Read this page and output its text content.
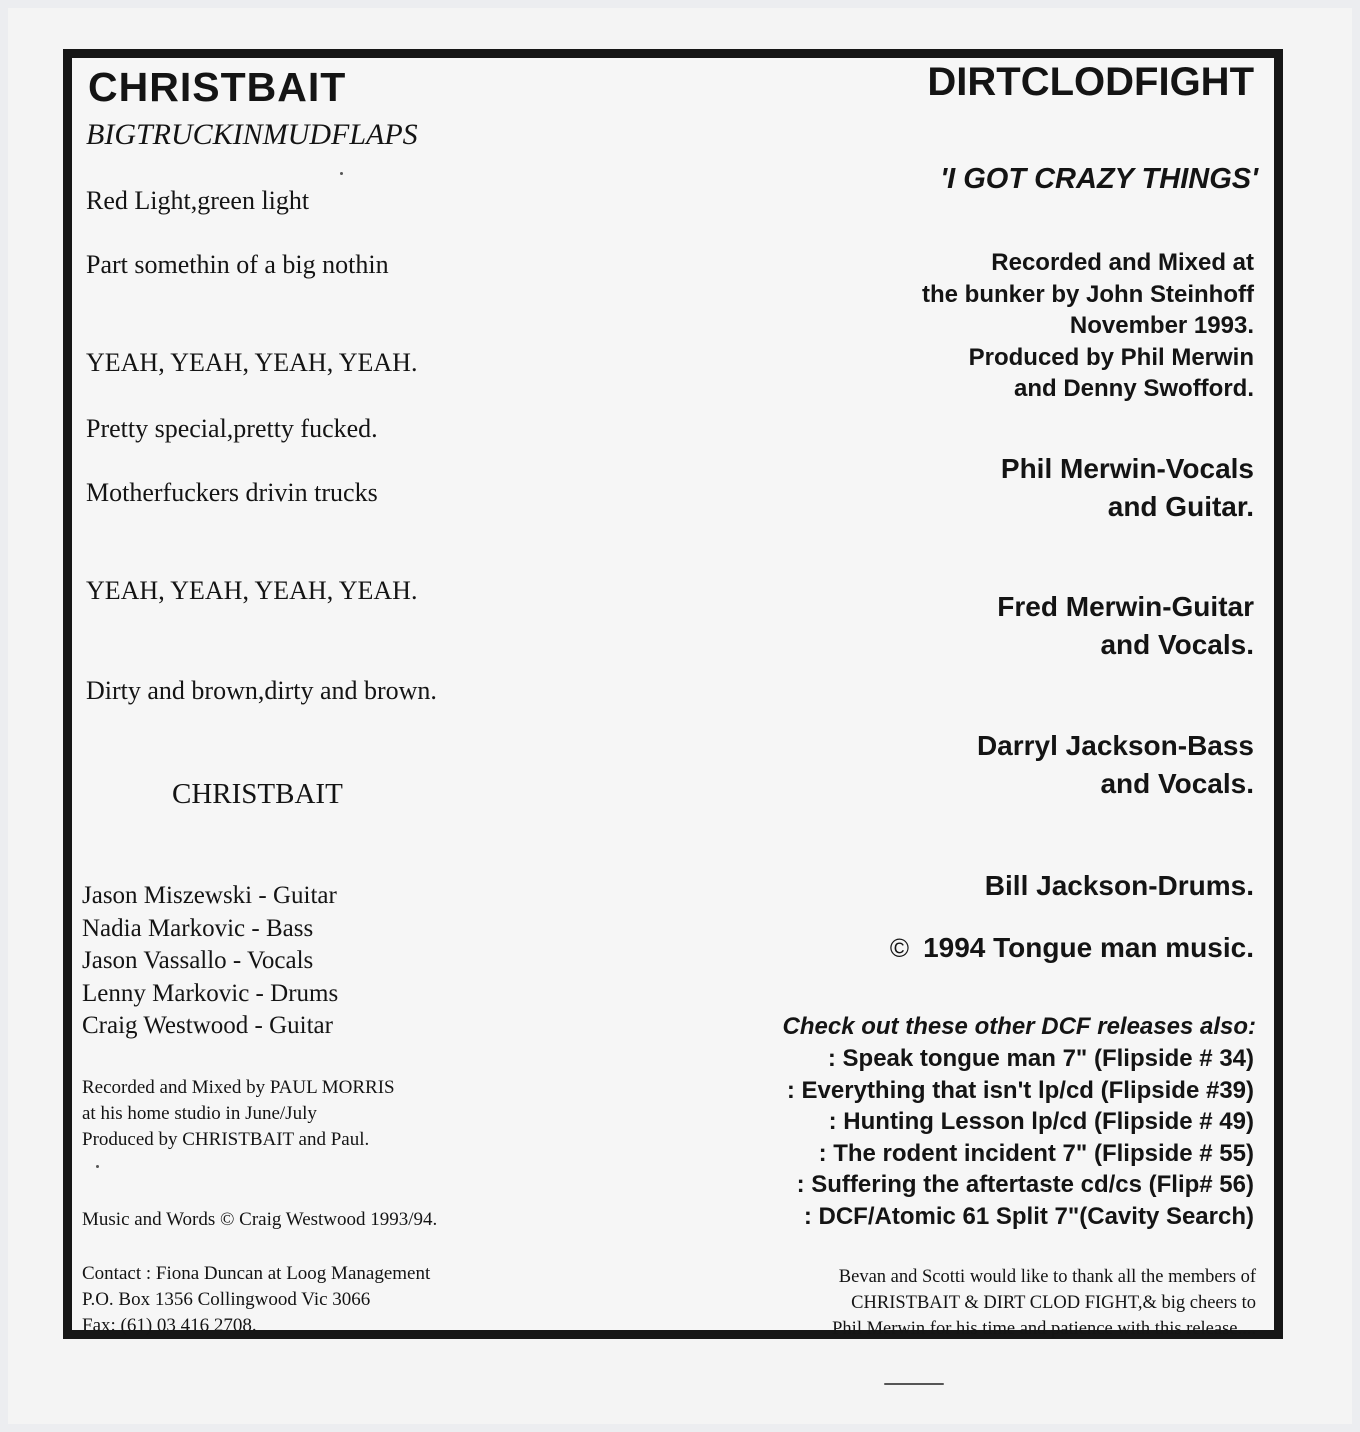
CHRISTBAIT
BIGTRUCKINMUDFLAPS
Red Light,green light
Part somethin of a big nothin
YEAH, YEAH, YEAH, YEAH.
Pretty special,pretty fucked.
Motherfuckers drivin trucks
YEAH, YEAH, YEAH, YEAH.
Dirty and brown,dirty and brown.
CHRISTBAIT
Jason Miszewski - Guitar
Nadia Markovic - Bass
Jason Vassallo - Vocals
Lenny Markovic - Drums
Craig Westwood - Guitar
Recorded and Mixed by PAUL MORRIS
at his home studio in June/July
Produced by CHRISTBAIT and Paul.
Music and Words © Craig Westwood 1993/94.
Contact : Fiona Duncan at Loog Management
P.O. Box 1356 Collingwood Vic 3066
Fax: (61) 03 416 2708.
DIRTCLODFIGHT
'I GOT CRAZY THINGS'
Recorded and Mixed at
the bunker by John Steinhoff
November 1993.
Produced by Phil Merwin
and Denny Swofford.
Phil Merwin-Vocals
and Guitar.
Fred Merwin-Guitar
and Vocals.
Darryl Jackson-Bass
and Vocals.
Bill Jackson-Drums.
© 1994 Tongue man music.
Check out these other DCF releases also:
: Speak tongue man 7" (Flipside # 34)
: Everything that isn't lp/cd (Flipside #39)
: Hunting Lesson lp/cd (Flipside # 49)
: The rodent incident 7" (Flipside # 55)
: Suffering the aftertaste cd/cs (Flip# 56)
: DCF/Atomic 61 Split 7"(Cavity Search)
Bevan and Scotti would like to thank all the members of
CHRISTBAIT & DIRT CLOD FIGHT,& big cheers to
Phil Merwin for his time and patience with this release....
